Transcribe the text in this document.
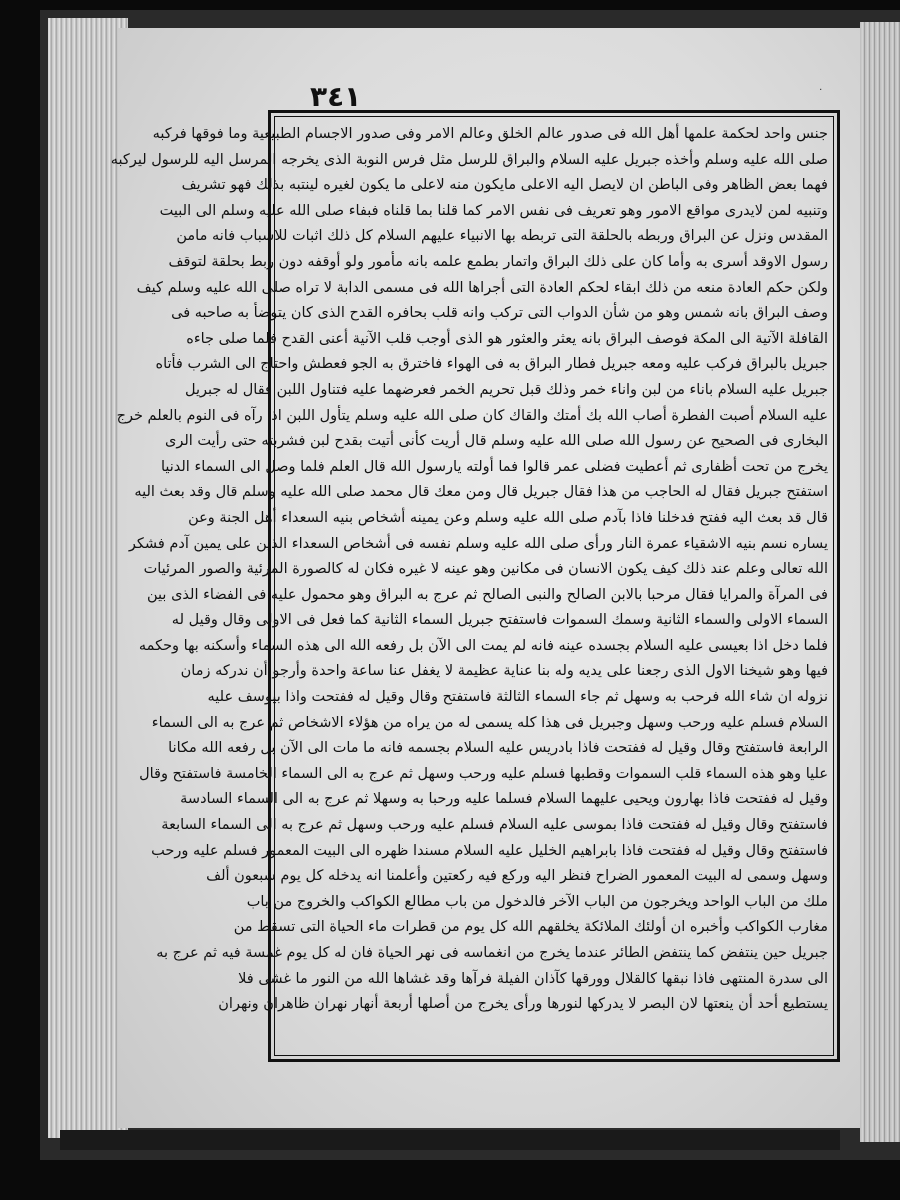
٣٤١	٠
جنس واحد لحكمة علمها أهل الله فى صدور عالم الخلق وعالم الامر وفى صدور الاجسام الطبيعية وما فوقها فركبه
صلى الله عليه وسلم وأخذه جبريل عليه السلام والبراق للرسل مثل فرس النوبة الذى يخرجه المرسل اليه للرسول ليركبه
فهما بعض الظاهر وفى الباطن ان لايصل اليه الاعلى مايكون منه لاعلى ما يكون لغيره لينتبه بذلك فهو تشريف
وتنبيه لمن لايدرى مواقع الامور وهو تعريف فى نفس الامر كما قلنا بما قلناه فبفاء صلى الله عليه وسلم الى البيت
المقدس ونزل عن البراق وربطه بالحلقة التى تربطه بها الانبياء عليهم السلام كل ذلك اثبات للاسباب فانه مامن
رسول الاوقد أسرى به وأما كان على ذلك البراق واتمار بطمع علمه بانه مأمور ولو أوقفه دون ربط بحلقة لتوقف
ولكن حكم العادة منعه من ذلك ابقاء لحكم العادة التى أجراها الله فى مسمى الدابة لا تراه صلى الله عليه وسلم كيف
وصف البراق بانه شمس وهو من شأن الدواب التى تركب وانه قلب بحافره القدح الذى كان يتوضأ به صاحبه فى
القافلة الآتية الى المكة فوصف البراق بانه يعثر والعثور هو الذى أوجب قلب الآنية أعنى القدح فلما صلى جاءه
جبريل بالبراق فركب عليه ومعه جبريل فطار البراق به فى الهواء فاخترق به الجو فعطش واحتاج الى الشرب فأتاه
جبريل عليه السلام باناء من لبن واناء خمر وذلك قبل تحريم الخمر فعرضهما عليه فتناول اللبن فقال له جبريل
عليه السلام أصبت الفطرة أصاب الله بك أمتك والقاك كان صلى الله عليه وسلم يتأول اللبن اذا رآه فى النوم بالعلم خرج
البخارى فى الصحيح عن رسول الله صلى الله عليه وسلم قال أريت كأنى أتيت بقدح لبن فشربته حتى رأيت الرى
يخرج من تحت أظفارى ثم أعطيت فضلى عمر قالوا فما أولته يارسول الله قال العلم فلما وصل الى السماء الدنيا
استفتح جبريل فقال له الحاجب من هذا فقال جبريل قال ومن معك قال محمد صلى الله عليه وسلم قال وقد بعث اليه
قال قد بعث اليه ففتح فدخلنا فاذا بآدم صلى الله عليه وسلم وعن يمينه أشخاص بنيه السعداء أهل الجنة وعن
يساره نسم بنيه الاشقياء عمرة النار ورأى صلى الله عليه وسلم نفسه فى أشخاص السعداء الذين على يمين آدم فشكر
الله تعالى وعلم عند ذلك كيف يكون الانسان فى مكانين وهو عينه لا غيره فكان له كالصورة المرئية والصور المرئيات
فى المرآة والمرايا فقال مرحبا بالابن الصالح والنبى الصالح ثم عرج به البراق وهو محمول عليه فى الفضاء الذى بين
السماء الاولى والسماء الثانية وسمك السموات فاستفتح جبريل السماء الثانية كما فعل فى الاولى وقال وقيل له
فلما دخل اذا بعيسى عليه السلام بجسده عينه فانه لم يمت الى الآن بل رفعه الله الى هذه السماء وأسكنه بها وحكمه
فيها وهو شيخنا الاول الذى رجعنا على يديه وله بنا عناية عظيمة لا يغفل عنا ساعة واحدة وأرجو أن ندركه زمان
نزوله ان شاء الله فرحب به وسهل ثم جاء السماء الثالثة فاستفتح وقال وقيل له ففتحت واذا بيوسف عليه
السلام فسلم عليه ورحب وسهل وجبريل فى هذا كله يسمى له من يراه من هؤلاء الاشخاص ثم عرج به الى السماء
الرابعة فاستفتح وقال وقيل له ففتحت فاذا بادريس عليه السلام بجسمه فانه ما مات الى الآن بل رفعه الله مكانا
عليا وهو هذه السماء قلب السموات وقطبها فسلم عليه ورحب وسهل ثم عرج به الى السماء الخامسة فاستفتح وقال
وقيل له ففتحت فاذا بهارون ويحيى عليهما السلام فسلما عليه ورحبا به وسهلا ثم عرج به الى السماء السادسة
فاستفتح وقال وقيل له ففتحت فاذا بموسى عليه السلام فسلم عليه ورحب وسهل ثم عرج به الى السماء السابعة
فاستفتح وقال وقيل له ففتحت فاذا بابراهيم الخليل عليه السلام مسندا ظهره الى البيت المعمور فسلم عليه ورحب
وسهل وسمى له البيت المعمور الضراح فنظر اليه وركع فيه ركعتين وأعلمنا انه يدخله كل يوم سبعون ألف
ملك من الباب الواحد ويخرجون من الباب الآخر فالدخول من باب مطالع الكواكب والخروج من باب
مغارب الكواكب وأخبره ان أولئك الملائكة يخلقهم الله كل يوم من قطرات ماء الحياة التى تسقط من
جبريل حين ينتفض كما ينتفض الطائر عندما يخرج من انغماسه فى نهر الحياة فان له كل يوم غمسة فيه ثم عرج به
الى سدرة المنتهى فاذا نبقها كالقلال وورقها كآذان الفيلة فرآها وقد غشاها الله من النور ما غشى فلا
يستطيع أحد أن ينعتها لان البصر لا يدركها لنورها ورأى يخرج من أصلها أربعة أنهار نهران ظاهران ونهران
